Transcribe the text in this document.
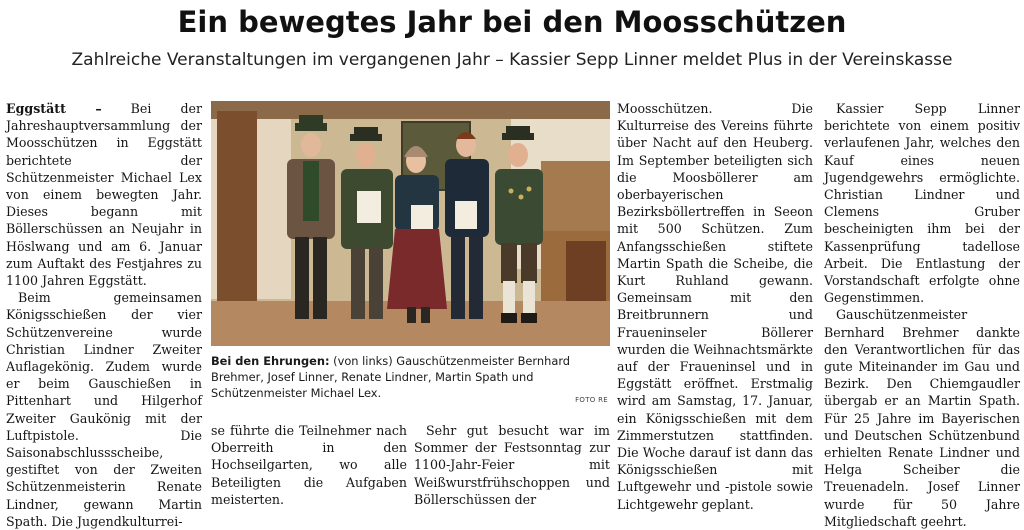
Ein bewegtes Jahr bei den Moosschützen
Zahlreiche Veranstaltungen im vergangenen Jahr – Kassier Sepp Linner meldet Plus in der Vereinskasse

Eggstätt – Bei der Jahreshauptversammlung der Moosschützen in Eggstätt berichtete der Schützenmeister Michael Lex von einem bewegten Jahr. Dieses begann mit Böllerschüssen an Neujahr in Höslwang und am 6. Januar zum Auftakt des Festjahres zu 1100 Jahren Eggstätt.

Beim gemeinsamen Königsschießen der vier Schützenvereine wurde Christian Lindner Zweiter Auflagekönig. Zudem wurde er beim Gauschießen in Pittenhart und Hilgerhof Zweiter Gaukönig mit der Luftpistole. Die Saisonabschlussscheibe, gestiftet von der Zweiten Schützenmeisterin Renate Lindner, gewann Martin Spath. Die Jugendkulturrei-

Bei den Ehrungen: (von links) Gauschützenmeister Bernhard Brehmer, Josef Linner, Renate Lindner, Martin Spath und Schützenmeister Michael Lex.	FOTO RE

se führte die Teilnehmer nach Oberreith in den Hochseilgarten, wo alle Beteiligten die Aufgaben meisterten.

Sehr gut besucht war im Sommer der Festsonntag zur 1100-Jahr-Feier mit Weißwurstfrühschoppen und Böllerschüssen der

Moosschützen. Die Kulturreise des Vereins führte über Nacht auf den Heuberg. Im September beteiligten sich die Moosböllerer am oberbayerischen Bezirksböllertreffen in Seeon mit 500 Schützen. Zum Anfangsschießen stiftete Martin Spath die Scheibe, die Kurt Ruhland gewann. Gemeinsam mit den Breitbrunnern und Fraueninseler Böllerer wurden die Weihnachtsmärkte auf der Fraueninsel und in Eggstätt eröffnet. Erstmalig wird am Samstag, 17. Januar, ein Königsschießen mit dem Zimmerstutzen stattfinden. Die Woche darauf ist dann das Königsschießen mit Luftgewehr und -pistole sowie Lichtgewehr geplant.

Kassier Sepp Linner berichtete von einem positiv verlaufenen Jahr, welches den Kauf eines neuen Jugendgewehrs ermöglichte. Christian Lindner und Clemens Gruber bescheinigten ihm bei der Kassenprüfung tadellose Arbeit. Die Entlastung der Vorstandschaft erfolgte ohne Gegenstimmen.

Gauschützenmeister Bernhard Brehmer dankte den Verantwortlichen für das gute Miteinander im Gau und Bezirk. Den Chiemgaudler übergab er an Martin Spath. Für 25 Jahre im Bayerischen und Deutschen Schützenbund erhielten Renate Lindner und Helga Scheiber die Treuenadeln. Josef Linner wurde für 50 Jahre Mitgliedschaft geehrt.
